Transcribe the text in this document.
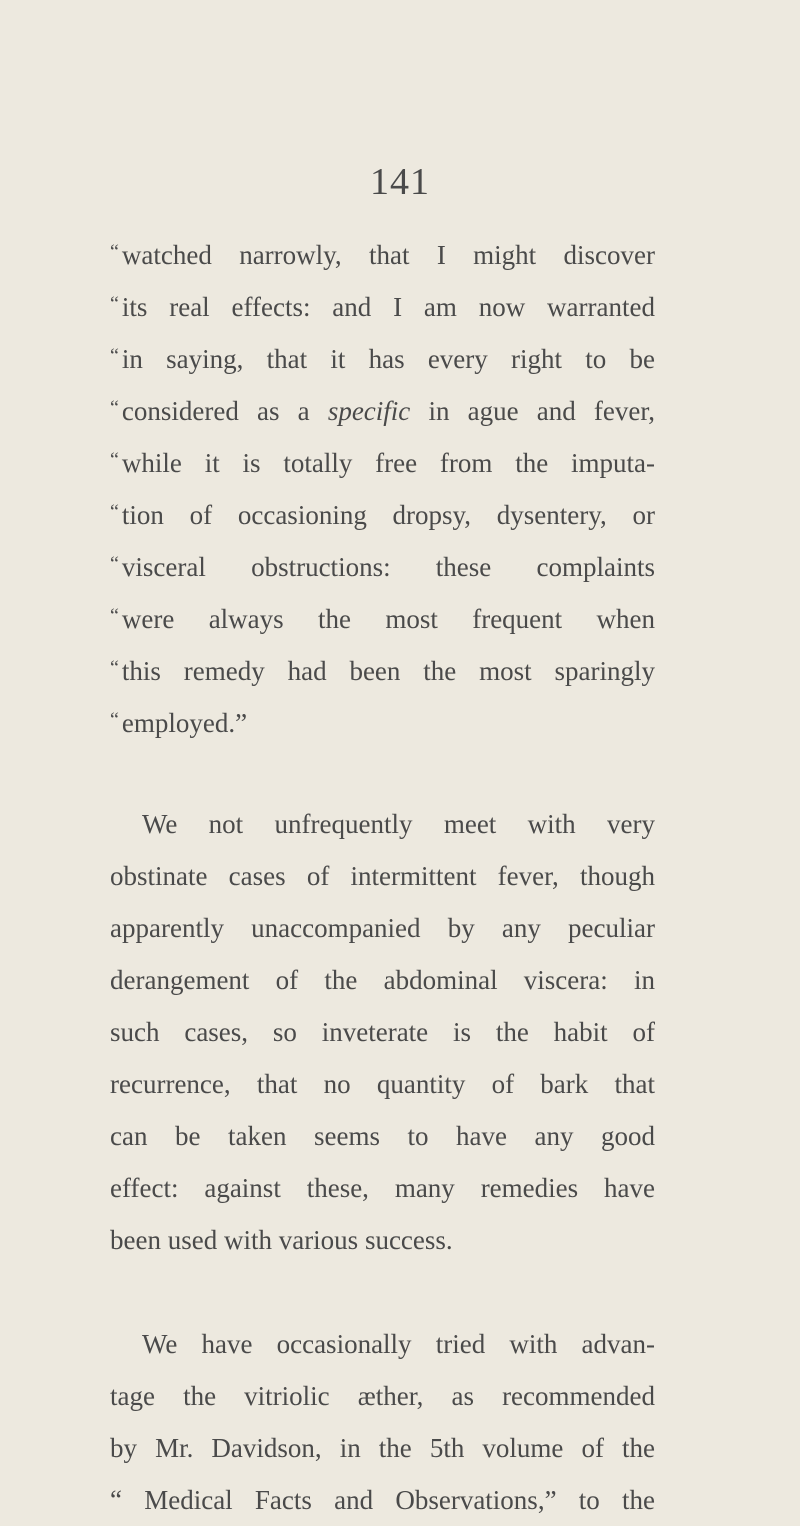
141
“ watched narrowly, that I might discover
“ its real effects: and I am now warranted
“ in saying, that it has every right to be
“ considered as a specific in ague and fever,
“ while it is totally free from the imputa-
“ tion of occasioning dropsy, dysentery, or
“ visceral obstructions: these complaints
“ were always the most frequent when
“ this remedy had been the most sparingly
“ employed.”
We not unfrequently meet with very
obstinate cases of intermittent fever, though
apparently unaccompanied by any peculiar
derangement of the abdominal viscera: in
such cases, so inveterate is the habit of
recurrence, that no quantity of bark that
can be taken seems to have any good
effect: against these, many remedies have
been used with various success.
We have occasionally tried with advan-
tage the vitriolic æther, as recommended
by Mr. Davidson, in the 5th volume of the
“ Medical Facts and Observations,” to the
